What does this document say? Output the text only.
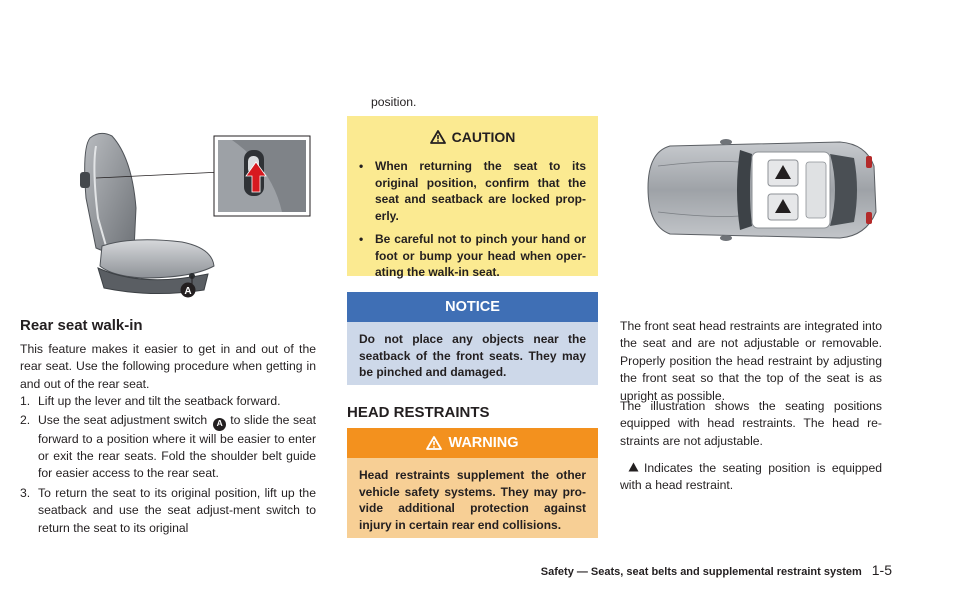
A
Rear seat walk-in

This feature makes it easier to get in and out of the rear seat. Use the following procedure when getting in and out of the rear seat.

1. Lift up the lever and tilt the seatback forward.
2. Use the seat adjustment switch A to slide the seat forward to a position where it will be easier to enter or exit the rear seats. Fold the shoulder belt guide for easier access to the rear seat.
3. To return the seat to its original position, lift up the seatback and use the seat adjust-ment switch to return the seat to its original

position.

CAUTION
• When returning the seat to its original position, confirm that the seat and seatback are locked prop-erly.
• Be careful not to pinch your hand or foot or bump your head when oper-ating the walk-in seat.
NOTICE

Do not place any objects near the seatback of the front seats. They may be pinched and damaged.

HEAD RESTRAINTS
WARNING

Head restraints supplement the other vehicle safety systems. They may pro-vide additional protection against injury in certain rear end collisions.

The front seat head restraints are integrated into the seat and are not adjustable or removable. Properly position the head restraint by adjusting the front seat so that the top of the seat is as upright as possible.

The illustration shows the seating positions equipped with head restraints. The head re-straints are not adjustable.

Indicates the seating position is equipped with a head restraint.

Safety — Seats, seat belts and supplemental restraint system 1-5
